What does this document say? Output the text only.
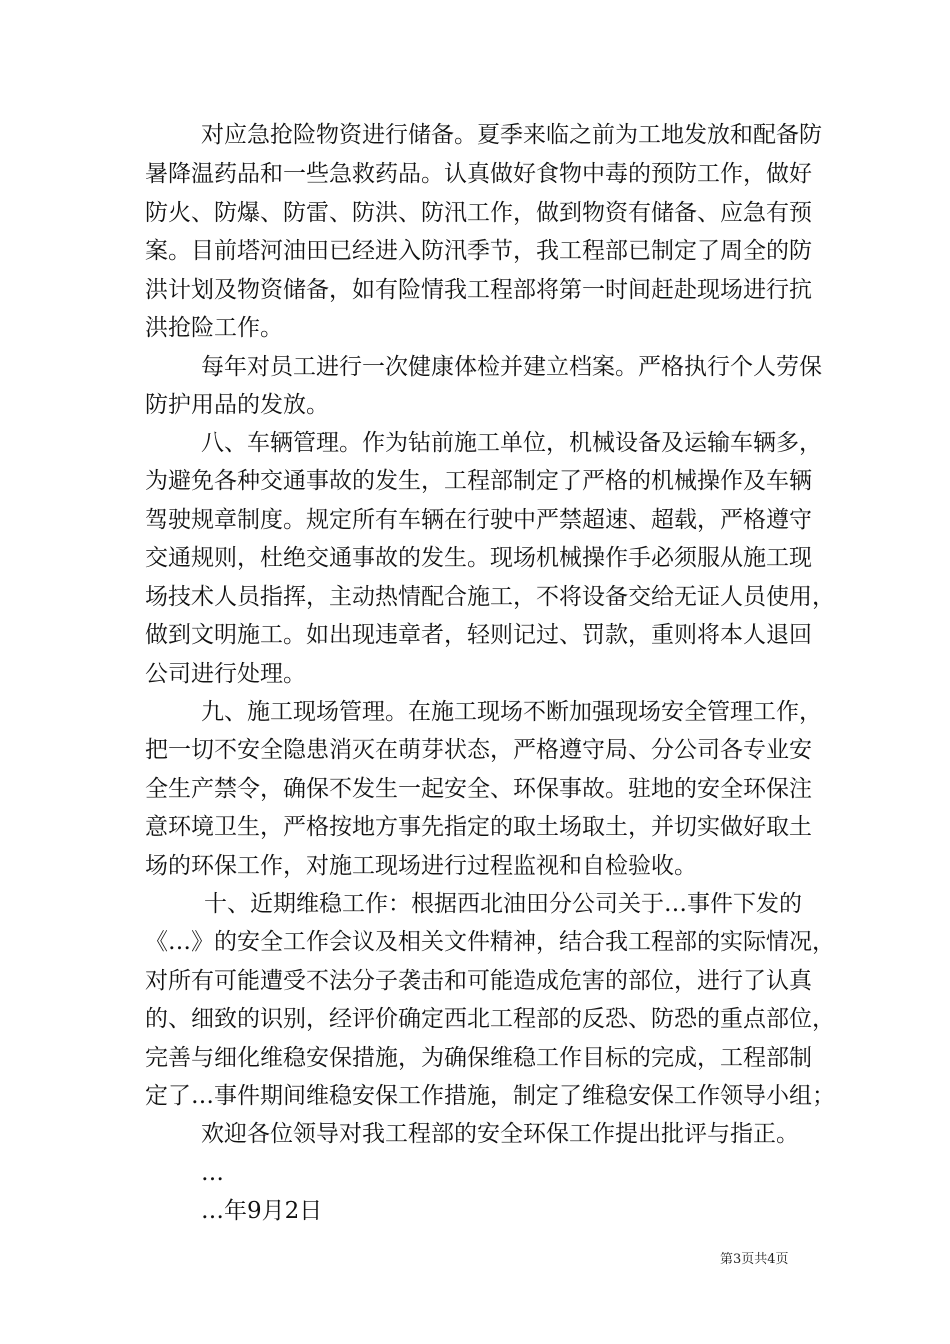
对应急抢险物资进行储备。夏季来临之前为工地发放和配备防
暑降温药品和一些急救药品。认真做好食物中毒的预防工作，做好
防火、防爆、防雷、防洪、防汛工作，做到物资有储备、应急有预
案。目前塔河油田已经进入防汛季节，我工程部已制定了周全的防
洪计划及物资储备，如有险情我工程部将第一时间赶赴现场进行抗
洪抢险工作。
每年对员工进行一次健康体检并建立档案。严格执行个人劳保
防护用品的发放。
八、车辆管理。作为钻前施工单位，机械设备及运输车辆多，
为避免各种交通事故的发生，工程部制定了严格的机械操作及车辆
驾驶规章制度。规定所有车辆在行驶中严禁超速、超载，严格遵守
交通规则，杜绝交通事故的发生。现场机械操作手必须服从施工现
场技术人员指挥，主动热情配合施工，不将设备交给无证人员使用，
做到文明施工。如出现违章者，轻则记过、罚款，重则将本人退回
公司进行处理。
九、施工现场管理。在施工现场不断加强现场安全管理工作，
把一切不安全隐患消灭在萌芽状态，严格遵守局、分公司各专业安
全生产禁令，确保不发生一起安全、环保事故。驻地的安全环保注
意环境卫生，严格按地方事先指定的取土场取土，并切实做好取土
场的环保工作，对施工现场进行过程监视和自检验收。
十、近期维稳工作：根据西北油田分公司关于…事件下发的
《…》的安全工作会议及相关文件精神，结合我工程部的实际情况，
对所有可能遭受不法分子袭击和可能造成危害的部位，进行了认真
的、细致的识别，经评价确定西北工程部的反恐、防恐的重点部位，
完善与细化维稳安保措施，为确保维稳工作目标的完成，工程部制
定了…事件期间维稳安保工作措施，制定了维稳安保工作领导小组；
欢迎各位领导对我工程部的安全环保工作提出批评与指正。
…
…年9月2日
第3页共4页
